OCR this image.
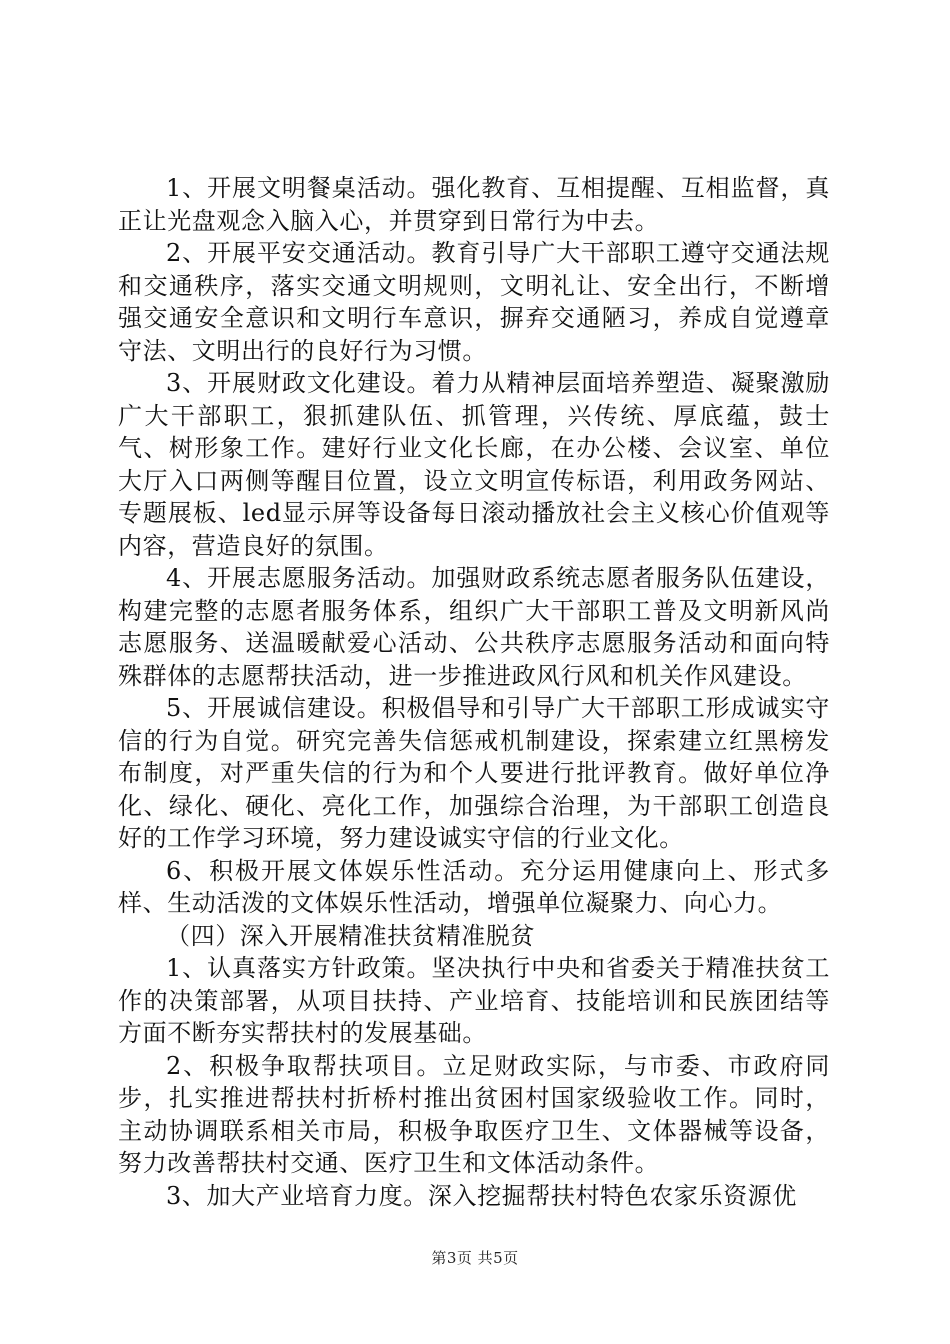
1、开展文明餐桌活动。强化教育、互相提醒、互相监督，真正让光盘观念入脑入心，并贯穿到日常行为中去。

2、开展平安交通活动。教育引导广大干部职工遵守交通法规和交通秩序，落实交通文明规则，文明礼让、安全出行，不断增强交通安全意识和文明行车意识，摒弃交通陋习，养成自觉遵章守法、文明出行的良好行为习惯。

3、开展财政文化建设。着力从精神层面培养塑造、凝聚激励广大干部职工，狠抓建队伍、抓管理，兴传统、厚底蕴，鼓士气、树形象工作。建好行业文化长廊，在办公楼、会议室、单位大厅入口两侧等醒目位置，设立文明宣传标语，利用政务网站、专题展板、led显示屏等设备每日滚动播放社会主义核心价值观等内容，营造良好的氛围。

4、开展志愿服务活动。加强财政系统志愿者服务队伍建设，构建完整的志愿者服务体系，组织广大干部职工普及文明新风尚志愿服务、送温暖献爱心活动、公共秩序志愿服务活动和面向特殊群体的志愿帮扶活动，进一步推进政风行风和机关作风建设。

5、开展诚信建设。积极倡导和引导广大干部职工形成诚实守信的行为自觉。研究完善失信惩戒机制建设，探索建立红黑榜发布制度，对严重失信的行为和个人要进行批评教育。做好单位净化、绿化、硬化、亮化工作，加强综合治理，为干部职工创造良好的工作学习环境，努力建设诚实守信的行业文化。

6、积极开展文体娱乐性活动。充分运用健康向上、形式多样、生动活泼的文体娱乐性活动，增强单位凝聚力、向心力。

（四）深入开展精准扶贫精准脱贫

1、认真落实方针政策。坚决执行中央和省委关于精准扶贫工作的决策部署，从项目扶持、产业培育、技能培训和民族团结等方面不断夯实帮扶村的发展基础。

2、积极争取帮扶项目。立足财政实际，与市委、市政府同步，扎实推进帮扶村折桥村推出贫困村国家级验收工作。同时，主动协调联系相关市局，积极争取医疗卫生、文体器械等设备，努力改善帮扶村交通、医疗卫生和文体活动条件。

3、加大产业培育力度。深入挖掘帮扶村特色农家乐资源优

第3页 共5页
